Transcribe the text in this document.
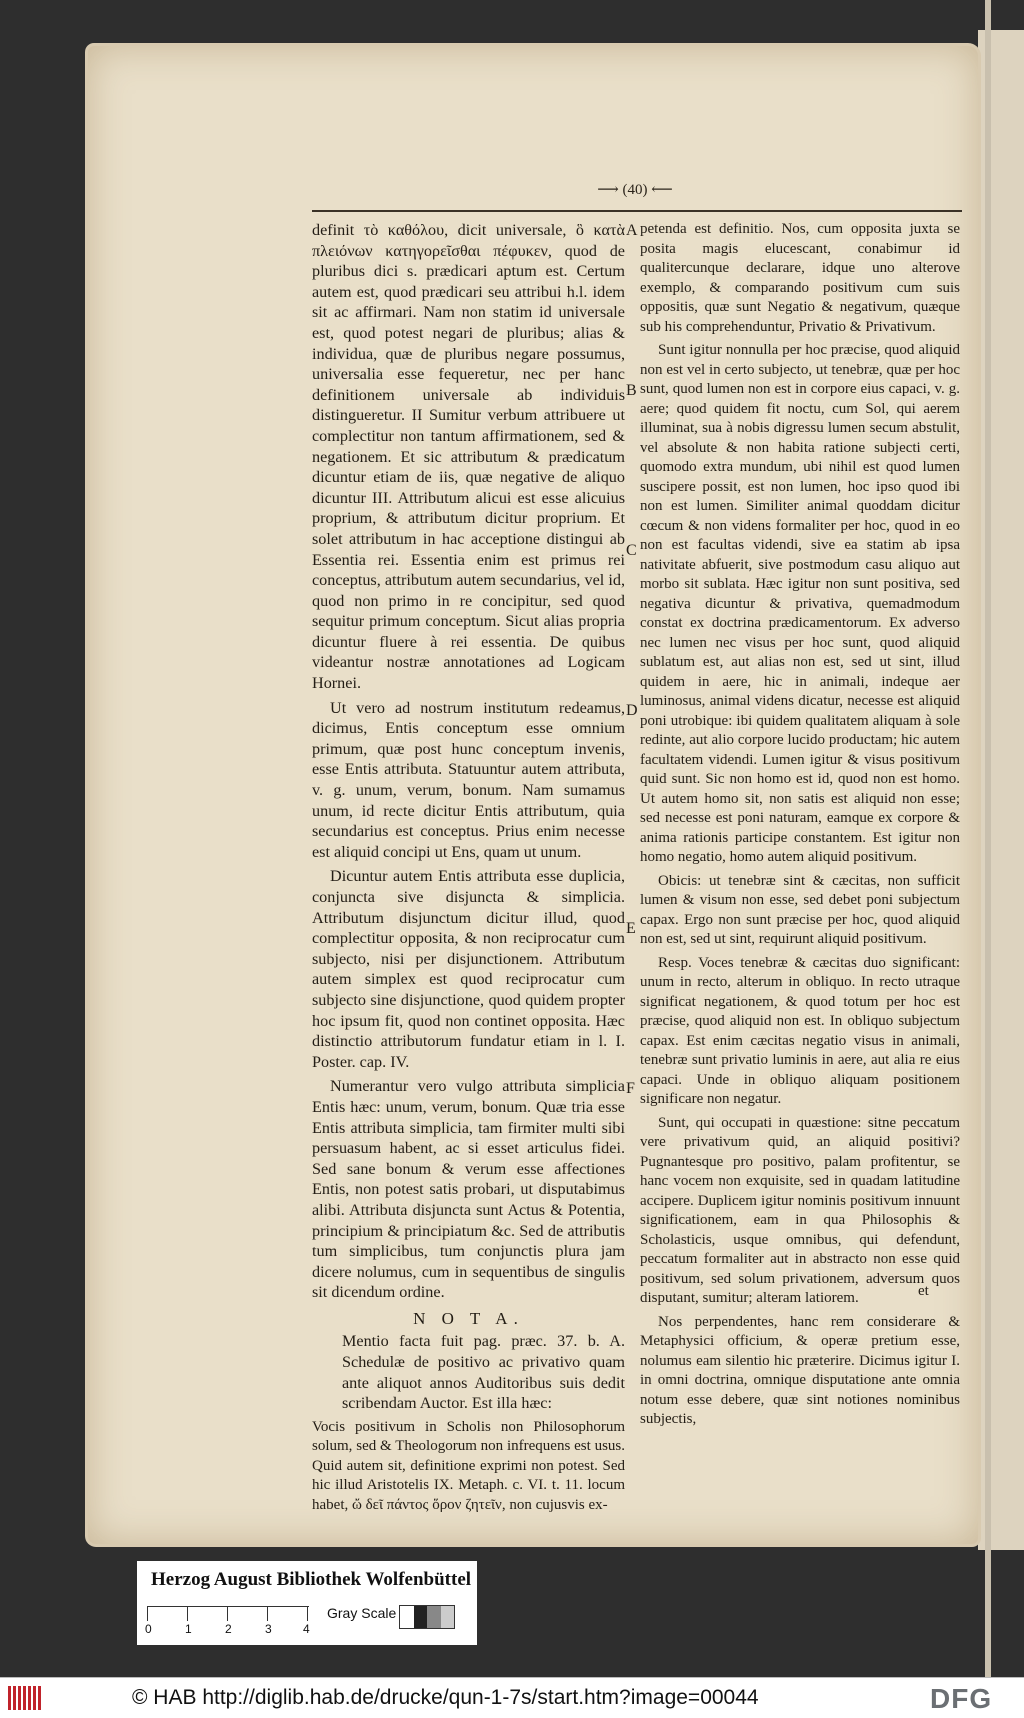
⟶ (40) ⟵

definit τὸ καθόλου, dicit universale, ὃ κατὰ πλειόνων κατηγορεῖσθαι πέφυκεν, quod de pluribus dici s. prædicari aptum est. Certum autem est, quod prædicari seu attribui h.l. idem sit ac affirmari. Nam non statim id universale est, quod potest negari de pluribus; alias & individua, quæ de pluribus negare possumus, universalia esse fequeretur, nec per hanc definitionem universale ab individuis distingueretur. II Sumitur verbum attribuere ut complectitur non tantum affirmationem, sed & negationem. Et sic attributum & prædicatum dicuntur etiam de iis, quæ negative de aliquo dicuntur III. Attributum alicui est esse alicuius proprium, & attributum dicitur proprium. Et solet attributum in hac acceptione distingui ab Essentia rei. Essentia enim est primus rei conceptus, attributum autem secundarius, vel id, quod non primo in re concipitur, sed quod sequitur primum conceptum. Sicut alias propria dicuntur fluere à rei essentia. De quibus videantur nostræ annotationes ad Logicam Hornei.

Ut vero ad nostrum institutum redeamus, dicimus, Entis conceptum esse omnium primum, quæ post hunc conceptum invenis, esse Entis attributa. Statuuntur autem attributa, v. g. unum, verum, bonum. Nam sumamus unum, id recte dicitur Entis attributum, quia secundarius est conceptus. Prius enim necesse est aliquid concipi ut Ens, quam ut unum.

Dicuntur autem Entis attributa esse duplicia, conjuncta sive disjuncta & simplicia. Attributum disjunctum dicitur illud, quod complectitur opposita, & non reciprocatur cum subjecto, nisi per disjunctionem. Attributum autem simplex est quod reciprocatur cum subjecto sine disjunctione, quod quidem propter hoc ipsum fit, quod non continet opposita. Hæc distinctio attributorum fundatur etiam in l. I. Poster. cap. IV.

Numerantur vero vulgo attributa simplicia Entis hæc: unum, verum, bonum. Quæ tria esse Entis attributa simplicia, tam firmiter multi sibi persuasum habent, ac si esset articulus fidei. Sed sane bonum & verum esse affectiones Entis, non potest satis probari, ut disputabimus alibi. Attributa disjuncta sunt Actus & Potentia, principium & principiatum &c. Sed de attributis tum simplicibus, tum conjunctis plura jam dicere nolumus, cum in sequentibus de singulis sit dicendum ordine.

N O T A.

Mentio facta fuit pag. præc. 37. b. A. Schedulæ de positivo ac privativo quam ante aliquot annos Auditoribus suis dedit scribendam Auctor. Est illa hæc:

Vocis positivum in Scholis non Philosophorum solum, sed & Theologorum non infrequens est usus. Quid autem sit, definitione exprimi non potest. Sed hic illud Aristotelis IX. Metaph. c. VI. t. 11. locum habet, ὤ δεῖ πάντος ὅρον ζητεῖν, non cujusvis ex-

petenda est definitio. Nos, cum opposita juxta se posita magis elucescant, conabimur id qualitercunque declarare, idque uno alterove exemplo, & comparando positivum cum suis oppositis, quæ sunt Negatio & negativum, quæque sub his comprehenduntur, Privatio & Privativum.

Sunt igitur nonnulla per hoc præcise, quod aliquid non est vel in certo subjecto, ut tenebræ, quæ per hoc sunt, quod lumen non est in corpore eius capaci, v. g. aere; quod quidem fit noctu, cum Sol, qui aerem illuminat, sua à nobis digressu lumen secum abstulit, vel absolute & non habita ratione subjecti certi, quomodo extra mundum, ubi nihil est quod lumen suscipere possit, est non lumen, hoc ipso quod ibi non est lumen. Similiter animal quoddam dicitur cœcum & non videns formaliter per hoc, quod in eo non est facultas videndi, sive ea statim ab ipsa nativitate abfuerit, sive postmodum casu aliquo aut morbo sit sublata. Hæc igitur non sunt positiva, sed negativa dicuntur & privativa, quemadmodum constat ex doctrina prædicamentorum. Ex adverso nec lumen nec visus per hoc sunt, quod aliquid sublatum est, aut alias non est, sed ut sint, illud quidem in aere, hic in animali, indeque aer luminosus, animal videns dicatur, necesse est aliquid poni utrobique: ibi quidem qualitatem aliquam à sole redinte, aut alio corpore lucido productam; hic autem facultatem videndi. Lumen igitur & visus positivum quid sunt. Sic non homo est id, quod non est homo. Ut autem homo sit, non satis est aliquid non esse; sed necesse est poni naturam, eamque ex corpore & anima rationis participe constantem. Est igitur non homo negatio, homo autem aliquid positivum.

Obicis: ut tenebræ sint & cæcitas, non sufficit lumen & visum non esse, sed debet poni subjectum capax. Ergo non sunt præcise per hoc, quod aliquid non est, sed ut sint, requirunt aliquid positivum.

Resp. Voces tenebræ & cæcitas duo significant: unum in recto, alterum in obliquo. In recto utraque significat negationem, & quod totum per hoc est præcise, quod aliquid non est. In obliquo subjectum capax. Est enim cæcitas negatio visus in animali, tenebræ sunt privatio luminis in aere, aut alia re eius capaci. Unde in obliquo aliquam positionem significare non negatur.

Sunt, qui occupati in quæstione: sitne peccatum vere privativum quid, an aliquid positivi? Pugnantesque pro positivo, palam profitentur, se hanc vocem non exquisite, sed in quadam latitudine accipere. Duplicem igitur nominis positivum innuunt significationem, eam in qua Philosophis & Scholasticis, usque omnibus, qui defendunt, peccatum formaliter aut in abstracto non esse quid positivum, sed solum privationem, adversum quos disputant, sumitur; alteram latiorem.

Nos perpendentes, hanc rem considerare & Metaphysici officium, & operæ pretium esse, nolumus eam silentio hic præterire. Dicimus igitur I. in omni doctrina, omnique disputatione ante omnia notum esse debere, quæ sint notiones nominibus subjectis,

A
B
C
D
E
F
et
Herzog August Bibliothek Wolfenbüttel
0	1	2	3	4
Gray Scale
© HAB http://diglib.hab.de/drucke/qun-1-7s/start.htm?image=00044	DFG
